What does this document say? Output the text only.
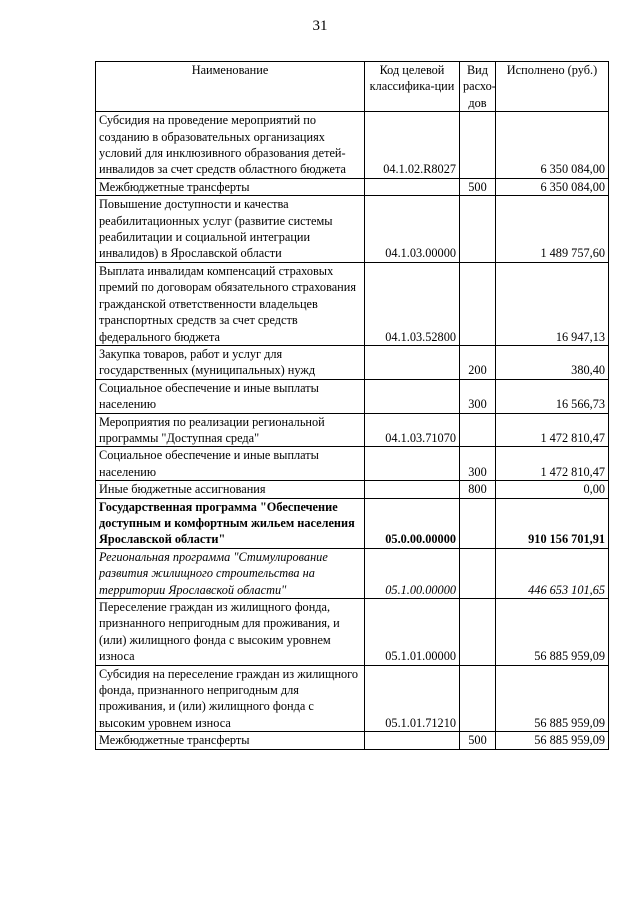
31
Наименование	Код целевой классифика-ции	Вид расхо-дов	Исполнено (руб.)
Субсидия на проведение мероприятий по созданию в образовательных организациях условий для инклюзивного образования детей-инвалидов за счет средств областного бюджета	04.1.02.R8027		6 350 084,00
Межбюджетные трансферты		500	6 350 084,00
Повышение доступности и качества реабилитационных услуг (развитие системы реабилитации и социальной интеграции инвалидов) в Ярославской области	04.1.03.00000		1 489 757,60
Выплата инвалидам компенсаций страховых премий по договорам обязательного страхования гражданской ответственности владельцев транспортных средств за счет средств федерального бюджета	04.1.03.52800		16 947,13
Закупка товаров, работ и услуг для государственных (муниципальных) нужд		200	380,40
Социальное обеспечение и иные выплаты населению		300	16 566,73
Мероприятия по реализации региональной программы "Доступная среда"	04.1.03.71070		1 472 810,47
Социальное обеспечение и иные выплаты населению		300	1 472 810,47
Иные бюджетные ассигнования		800	0,00
Государственная программа "Обеспечение доступным и комфортным жильем населения Ярославской области"	05.0.00.00000		910 156 701,91
Региональная программа "Стимулирование развития жилищного строительства на территории Ярославской области"	05.1.00.00000		446 653 101,65
Переселение граждан из жилищного фонда, признанного непригодным для проживания, и (или) жилищного фонда с высоким уровнем износа	05.1.01.00000		56 885 959,09
Субсидия на переселение граждан из жилищного фонда, признанного непригодным для проживания, и (или) жилищного фонда с высоким уровнем износа	05.1.01.71210		56 885 959,09
Межбюджетные трансферты		500	56 885 959,09
